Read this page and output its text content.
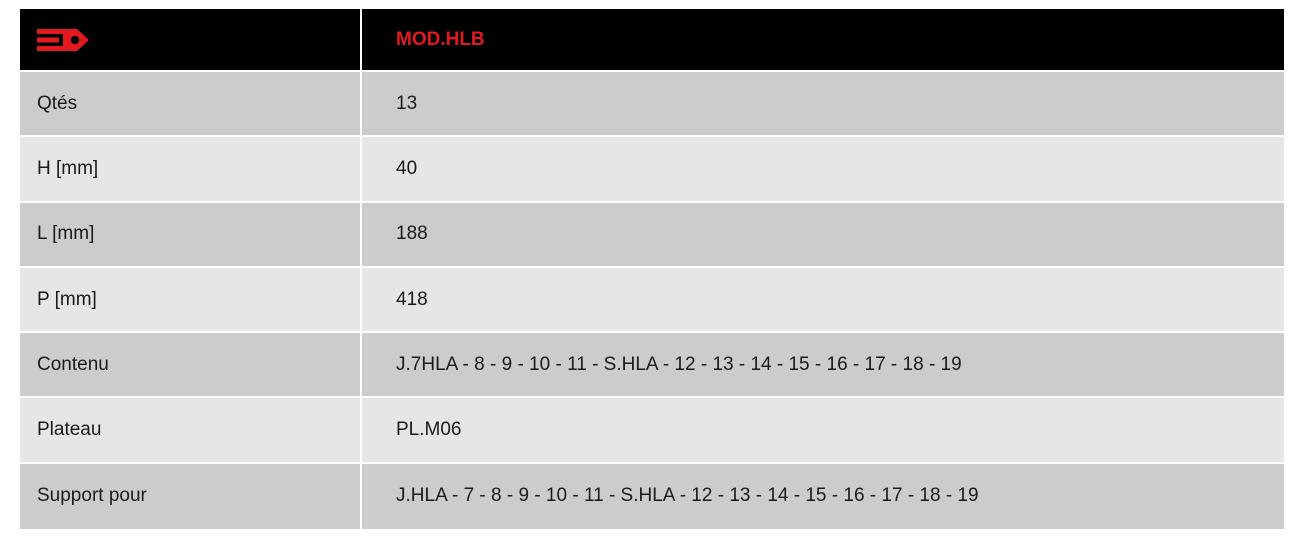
MOD.HLB
Qtés	13
H [mm]	40
L [mm]	188
P [mm]	418
Contenu	J.7HLA - 8 - 9 - 10 - 11 - S.HLA - 12 - 13 - 14 - 15 - 16 - 17 - 18 - 19
Plateau	PL.M06
Support pour	J.HLA - 7 - 8 - 9 - 10 - 11 - S.HLA - 12 - 13 - 14 - 15 - 16 - 17 - 18 - 19
